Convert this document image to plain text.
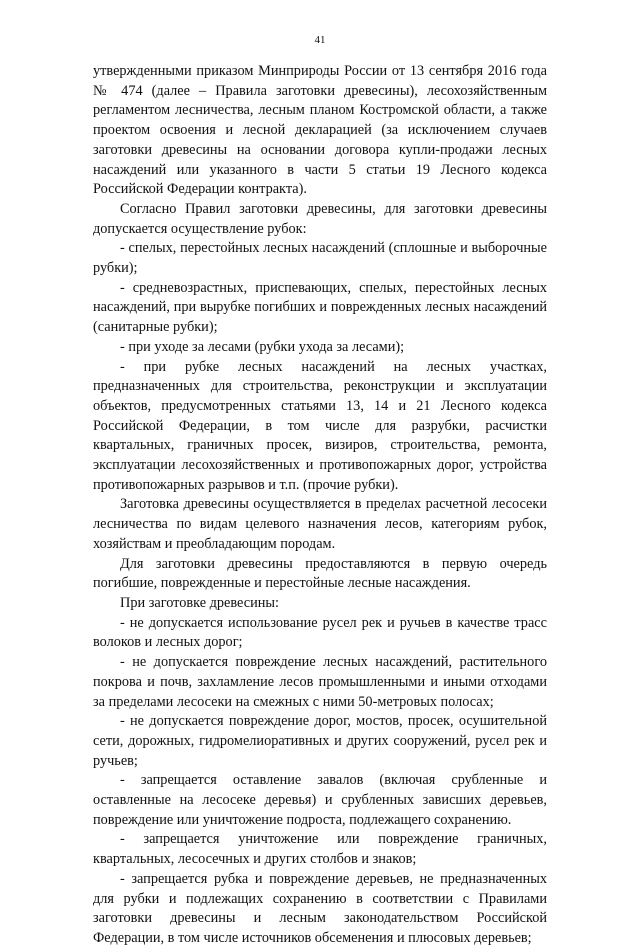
41

утвержденными приказом Минприроды России от 13 сентября 2016 года № 474 (далее – Правила заготовки древесины), лесохозяйственным регламентом лесничества, лесным планом Костромской области, а также проектом освоения и лесной декларацией (за исключением случаев заготовки древесины на основании договора купли-продажи лесных насаждений или указанного в части 5 статьи 19 Лесного кодекса Российской Федерации контракта).

Согласно Правил заготовки древесины, для заготовки древесины допускается осуществление рубок:

- спелых, перестойных лесных насаждений (сплошные и выборочные рубки);

- средневозрастных, приспевающих, спелых, перестойных лесных насаждений, при вырубке погибших и поврежденных лесных насаждений (санитарные рубки);

- при уходе за лесами (рубки ухода за лесами);

- при рубке лесных насаждений на лесных участках, предназначенных для строительства, реконструкции и эксплуатации объектов, предусмотренных статьями 13, 14 и 21 Лесного кодекса Российской Федерации, в том числе для разрубки, расчистки квартальных, граничных просек, визиров, строительства, ремонта, эксплуатации лесохозяйственных и противопожарных дорог, устройства противопожарных разрывов и т.п. (прочие рубки).

Заготовка древесины осуществляется в пределах расчетной лесосеки лесничества по видам целевого назначения лесов, категориям рубок, хозяйствам и преобладающим породам.

Для заготовки древесины предоставляются в первую очередь погибшие, поврежденные и перестойные лесные насаждения.

При заготовке древесины:

- не допускается использование русел рек и ручьев в качестве трасс волоков и лесных дорог;

- не допускается повреждение лесных насаждений, растительного покрова и почв, захламление лесов промышленными и иными отходами за пределами лесосеки на смежных с ними 50-метровых полосах;

- не допускается повреждение дорог, мостов, просек, осушительной сети, дорожных, гидромелиоративных и других сооружений, русел рек и ручьев;

- запрещается оставление завалов (включая срубленные и оставленные на лесосеке деревья) и срубленных зависших деревьев, повреждение или уничтожение подроста, подлежащего сохранению.

- запрещается уничтожение или повреждение граничных, квартальных, лесосечных и других столбов и знаков;

- запрещается рубка и повреждение деревьев, не предназначенных для рубки и подлежащих сохранению в соответствии с Правилами заготовки древесины и лесным законодательством Российской Федерации, в том числе источников обсеменения и плюсовых деревьев;
